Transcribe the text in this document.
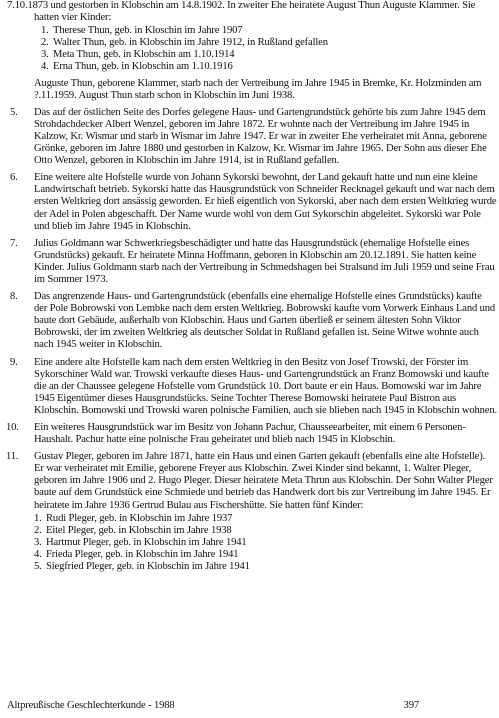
7.10.1873 und gestorben in Klobschin am 14.8.1902. In zweiter Ehe heiratete August Thun Auguste Klammer. Sie hatten vier Kinder:

1. Therese Thun, geb. in Kloschin im Jahre 1907
2. Walter Thun, geb. in Klobschin im Jahre 1912, in Rußland gefallen
3. Meta Thun, geb. in Klobschin am 1.10.1914
4. Erna Thun, geb. in Klobschin am 1.10.1916

Auguste Thun, geborene Klammer, starb nach der Vertreibung im Jahre 1945 in Bremke, Kr. Holzminden am ?.11.1959. August Thun starb schon in Klobschin im Juni 1938.

5. Das auf der östlichen Seite des Dorfes gelegene Haus- und Gartengrundstück gehörte bis zum Jahre 1945 dem Strohdachdecker Albert Wenzel, geboren im Jahre 1872. Er wohnte nach der Vertreibung im Jahre 1945 in Kalzow, Kr. Wismar und starb in Wismar im Jahre 1947. Er war in zweiter Ehe verheiratet mit Anna, geborene Grönke, geboren im Jahre 1880 und gestorben in Kalzow, Kr. Wismar im Jahre 1965. Der Sohn aus dieser Ehe Otto Wenzel, geboren in Klobschin im Jahre 1914, ist in Rußland gefallen.

6. Eine weitere alte Hofstelle wurde von Johann Sykorski bewohnt, der Land gekauft hatte und nun eine kleine Landwirtschaft betrieb. Sykorski hatte das Hausgrundstück von Schneider Recknagel gekauft und war nach dem ersten Weltkrieg dort ansässig geworden. Er hieß eigentlich von Sykorski, aber nach dem ersten Weltkrieg wurde der Adel in Polen abgeschafft. Der Name wurde wohl von dem Gut Sykorschin abgeleitet. Sykorski war Pole und blieb im Jahre 1945 in Klobschin.

7. Julius Goldmann war Schwerkriegsbeschädigter und hatte das Hausgrundstück (ehemalige Hofstelle eines Grundstücks) gekauft. Er heiratete Minna Hoffmann, geboren in Klobschin am 20.12.1891. Sie hatten keine Kinder. Julius Goldmann starb nach der Vertreibung in Schmedshagen bei Stralsund im Juli 1959 und seine Frau im Sommer 1973.

8. Das angrenzende Haus- und Gartengrundstück (ebenfalls eine ehemalige Hofstelle eines Grundstücks) kaufte der Pole Bobrowski von Lembke nach dem ersten Weltkrieg. Bobrowski kaufte vom Vorwerk Einhaus Land und baute dort Gebäude, außerhalb von Klobschin. Haus und Garten überließ er seinem ältesten Sohn Viktor Bobrowski, der im zweiten Weltkrieg als deutscher Soldat in Rußland gefallen ist. Seine Witwe wohnte auch nach 1945 weiter in Klobschin.

9. Eine andere alte Hofstelle kam nach dem ersten Weltkrieg in den Besitz von Josef Trowski, der Förster im Sykorschiner Wald war. Trowski verkaufte dieses Haus- und Gartengrundstück an Franz Bomowski und kaufte die an der Chaussee gelegene Hofstelle vom Grundstück 10. Dort baute er ein Haus. Bomowski war im Jahre 1945 Eigentümer dieses Hausgrundstücks. Seine Tochter Therese Bomowski heiratete Paul Bistron aus Klobschin. Bomowski und Trowski waren polnische Familien, auch sie blieben nach 1945 in Klobschin wohnen.

10. Ein weiteres Hausgrundstück war im Besitz von Johann Pachur, Chausseearbeiter, mit einem 6 Personen-Haushalt. Pachur hatte eine polnische Frau geheiratet und blieb nach 1945 in Klobschin.

11. Gustav Pleger, geboren im Jahre 1871, hatte ein Haus und einen Garten gekauft (ebenfalls eine alte Hofstelle). Er war verheiratet mit Emilie, geborene Freyer aus Klobschin. Zwei Kinder sind bekannt, 1. Walter Pleger, geboren im Jahre 1906 und 2. Hugo Pleger. Dieser heiratete Meta Thrun aus Klobschin. Der Sohn Walter Pleger baute auf dem Grundstück eine Schmiede und betrieb das Handwerk dort bis zur Vertreibung im Jahre 1945. Er heiratete im Jahre 1936 Gertrud Bulau aus Fischershütte. Sie hatten fünf Kinder:

1. Rudi Pleger, geb. in Klobschin im Jahre 1937
2. Eitel Pleger, geb. in Klobschin im Jahre 1938
3. Hartmut Pleger, geb. in Klobschin im Jahre 1941
4. Frieda Pleger, geb. in Klobschin im Jahre 1941
5. Siegfried Pleger, geb. in Klobschin im Jahre 1941
Altpreußische Geschlechterkunde - 1988	397
